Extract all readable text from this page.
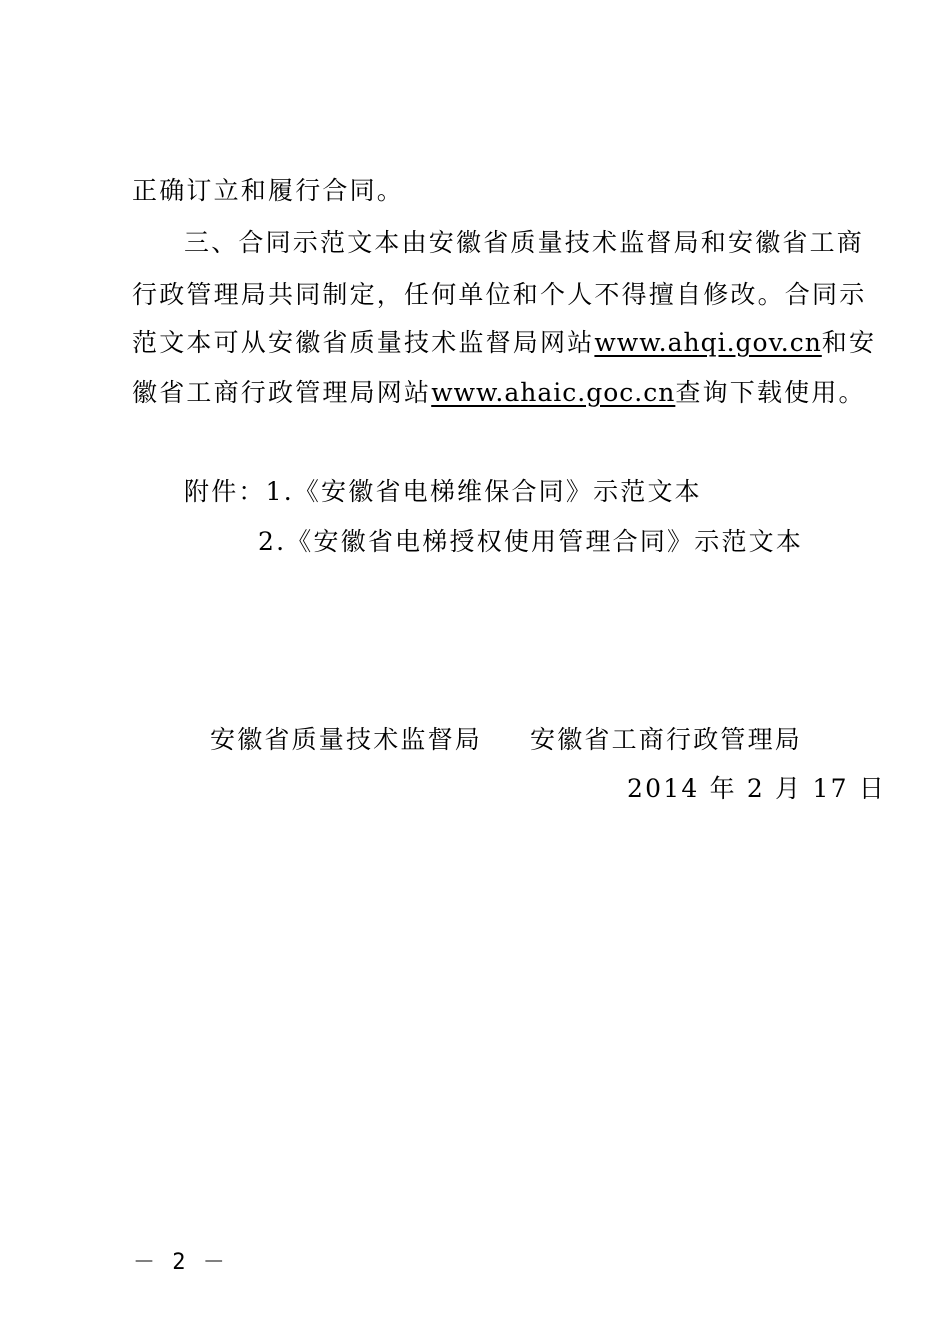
正确订立和履行合同。
三、合同示范文本由安徽省质量技术监督局和安徽省工商
行政管理局共同制定，任何单位和个人不得擅自修改。合同示
范文本可从安徽省质量技术监督局网站www.ahqi.gov.cn和安
徽省工商行政管理局网站www.ahaic.goc.cn查询下载使用。
附件：1.《安徽省电梯维保合同》示范文本
2.《安徽省电梯授权使用管理合同》示范文本
安徽省质量技术监督局 安徽省工商行政管理局
2014 年 2 月 17 日
－ 2 －
